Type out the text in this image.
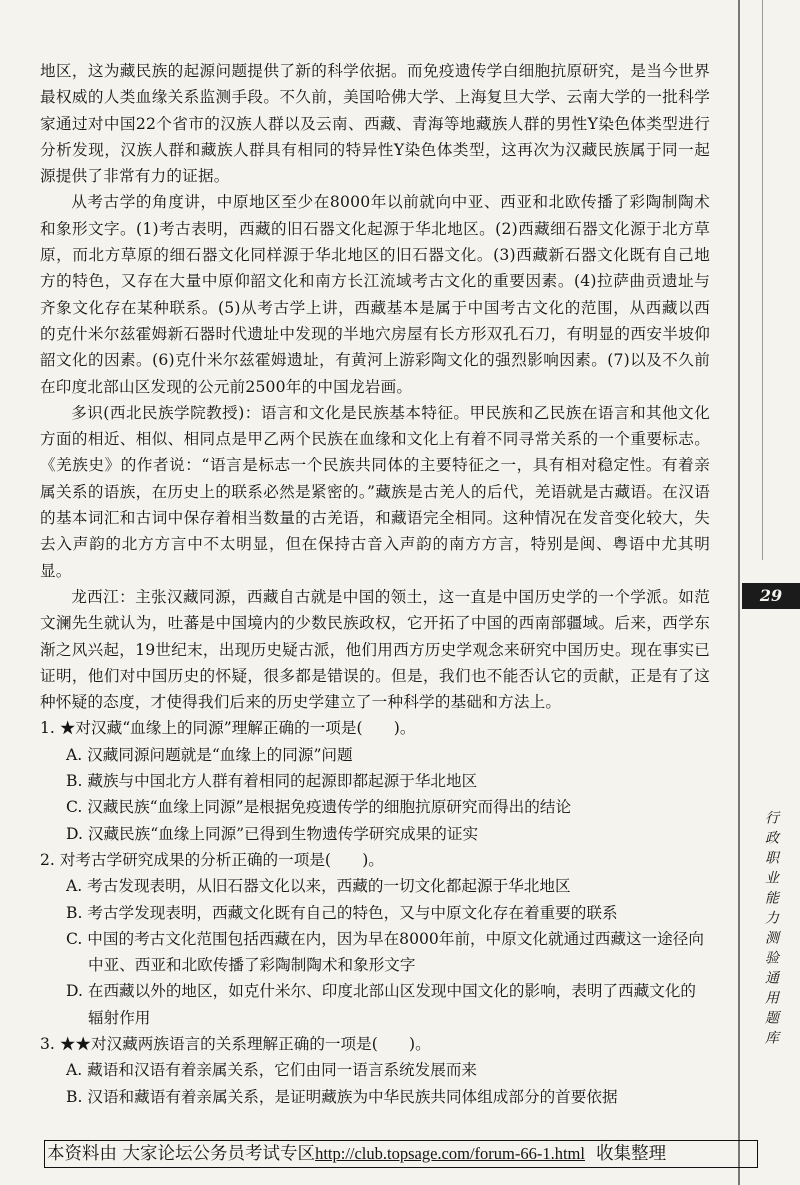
地区，这为藏民族的起源问题提供了新的科学依据。而免疫遗传学白细胞抗原研究，是当今世界最权威的人类血缘关系监测手段。不久前，美国哈佛大学、上海复旦大学、云南大学的一批科学家通过对中国22个省市的汉族人群以及云南、西藏、青海等地藏族人群的男性Y染色体类型进行分析发现，汉族人群和藏族人群具有相同的特异性Y染色体类型，这再次为汉藏民族属于同一起源提供了非常有力的证据。

从考古学的角度讲，中原地区至少在8000年以前就向中亚、西亚和北欧传播了彩陶制陶术和象形文字。(1)考古表明，西藏的旧石器文化起源于华北地区。(2)西藏细石器文化源于北方草原，而北方草原的细石器文化同样源于华北地区的旧石器文化。(3)西藏新石器文化既有自己地方的特色，又存在大量中原仰韶文化和南方长江流域考古文化的重要因素。(4)拉萨曲贡遗址与齐象文化存在某种联系。(5)从考古学上讲，西藏基本是属于中国考古文化的范围，从西藏以西的克什米尔兹霍姆新石器时代遗址中发现的半地穴房屋有长方形双孔石刀，有明显的西安半坡仰韶文化的因素。(6)克什米尔兹霍姆遗址，有黄河上游彩陶文化的强烈影响因素。(7)以及不久前在印度北部山区发现的公元前2500年的中国龙岩画。

多识(西北民族学院教授)：语言和文化是民族基本特征。甲民族和乙民族在语言和其他文化方面的相近、相似、相同点是甲乙两个民族在血缘和文化上有着不同寻常关系的一个重要标志。《羌族史》的作者说：“语言是标志一个民族共同体的主要特征之一，具有相对稳定性。有着亲属关系的语族，在历史上的联系必然是紧密的。”藏族是古羌人的后代，羌语就是古藏语。在汉语的基本词汇和古词中保存着相当数量的古羌语，和藏语完全相同。这种情况在发音变化较大，失去入声韵的北方方言中不太明显，但在保持古音入声韵的南方方言，特别是闽、粤语中尤其明显。

龙西江：主张汉藏同源，西藏自古就是中国的领土，这一直是中国历史学的一个学派。如范文澜先生就认为，吐蕃是中国境内的少数民族政权，它开拓了中国的西南部疆域。后来，西学东渐之风兴起，19世纪末，出现历史疑古派，他们用西方历史学观念来研究中国历史。现在事实已证明，他们对中国历史的怀疑，很多都是错误的。但是，我们也不能否认它的贡献，正是有了这种怀疑的态度，才使得我们后来的历史学建立了一种科学的基础和方法上。

1. ★对汉藏“血缘上的同源”理解正确的一项是(　　)。

A. 汉藏同源问题就是“血缘上的同源”问题

B. 藏族与中国北方人群有着相同的起源即都起源于华北地区

C. 汉藏民族“血缘上同源”是根据免疫遗传学的细胞抗原研究而得出的结论

D. 汉藏民族“血缘上同源”已得到生物遗传学研究成果的证实

2. 对考古学研究成果的分析正确的一项是(　　)。

A. 考古发现表明，从旧石器文化以来，西藏的一切文化都起源于华北地区

B. 考古学发现表明，西藏文化既有自己的特色，又与中原文化存在着重要的联系

C. 中国的考古文化范围包括西藏在内，因为早在8000年前，中原文化就通过西藏这一途径向中亚、西亚和北欧传播了彩陶制陶术和象形文字

D. 在西藏以外的地区，如克什米尔、印度北部山区发现中国文化的影响，表明了西藏文化的辐射作用

3. ★★对汉藏两族语言的关系理解正确的一项是(　　)。

A. 藏语和汉语有着亲属关系，它们由同一语言系统发展而来

B. 汉语和藏语有着亲属关系，是证明藏族为中华民族共同体组成部分的首要依据

29
行政职业能力测验通用题库
本资料由 大家论坛公务员考试专区http://club.topsage.com/forum-66-1.html 收集整理
